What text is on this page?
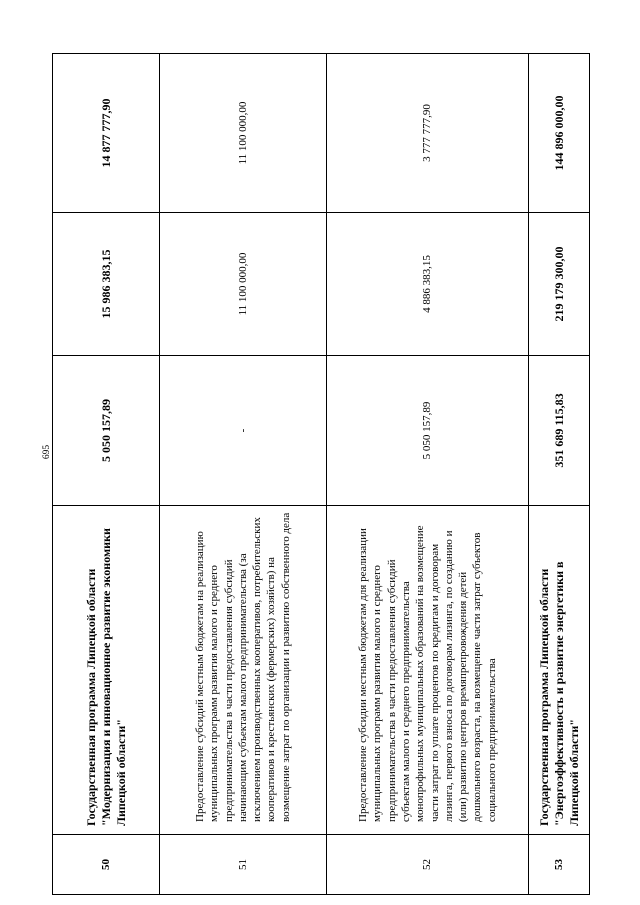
695
50	Государственная программа Липецкой области "Модернизация и инновационное развитие экономики Липецкой области"	5 050 157,89	15 986 383,15	14 877 777,90
51	Предоставление субсидий местным бюджетам на реализацию муниципальных программ развития малого и среднего предпринимательства в части предоставления субсидий начинающим субъектам малого предпринимательства (за исключением производственных кооперативов, потребительских кооперативов и крестьянских (фермерских) хозяйств) на возмещение затрат по организации и развитию собственного дела	-	11 100 000,00	11 100 000,00
52	Предоставление субсидии местным бюджетам для реализации муниципальных программ развития малого и среднего предпринимательства в части предоставления субсидий субъектам малого и среднего предпринимательства монопрофильных муниципальных образований на возмещение части затрат по уплате процентов по кредитам и договорам лизинга, первого взноса по договорам лизинга, по созданию и (или) развитию центров времяпрепровождения детей дошкольного возраста, на возмещение части затрат субъектов социального предпринимательства	5 050 157,89	4 886 383,15	3 777 777,90
53	Государственная программа Липецкой области "Энергоэффективность и развитие энергетики в Липецкой области"	351 689 115,83	219 179 300,00	144 896 000,00
